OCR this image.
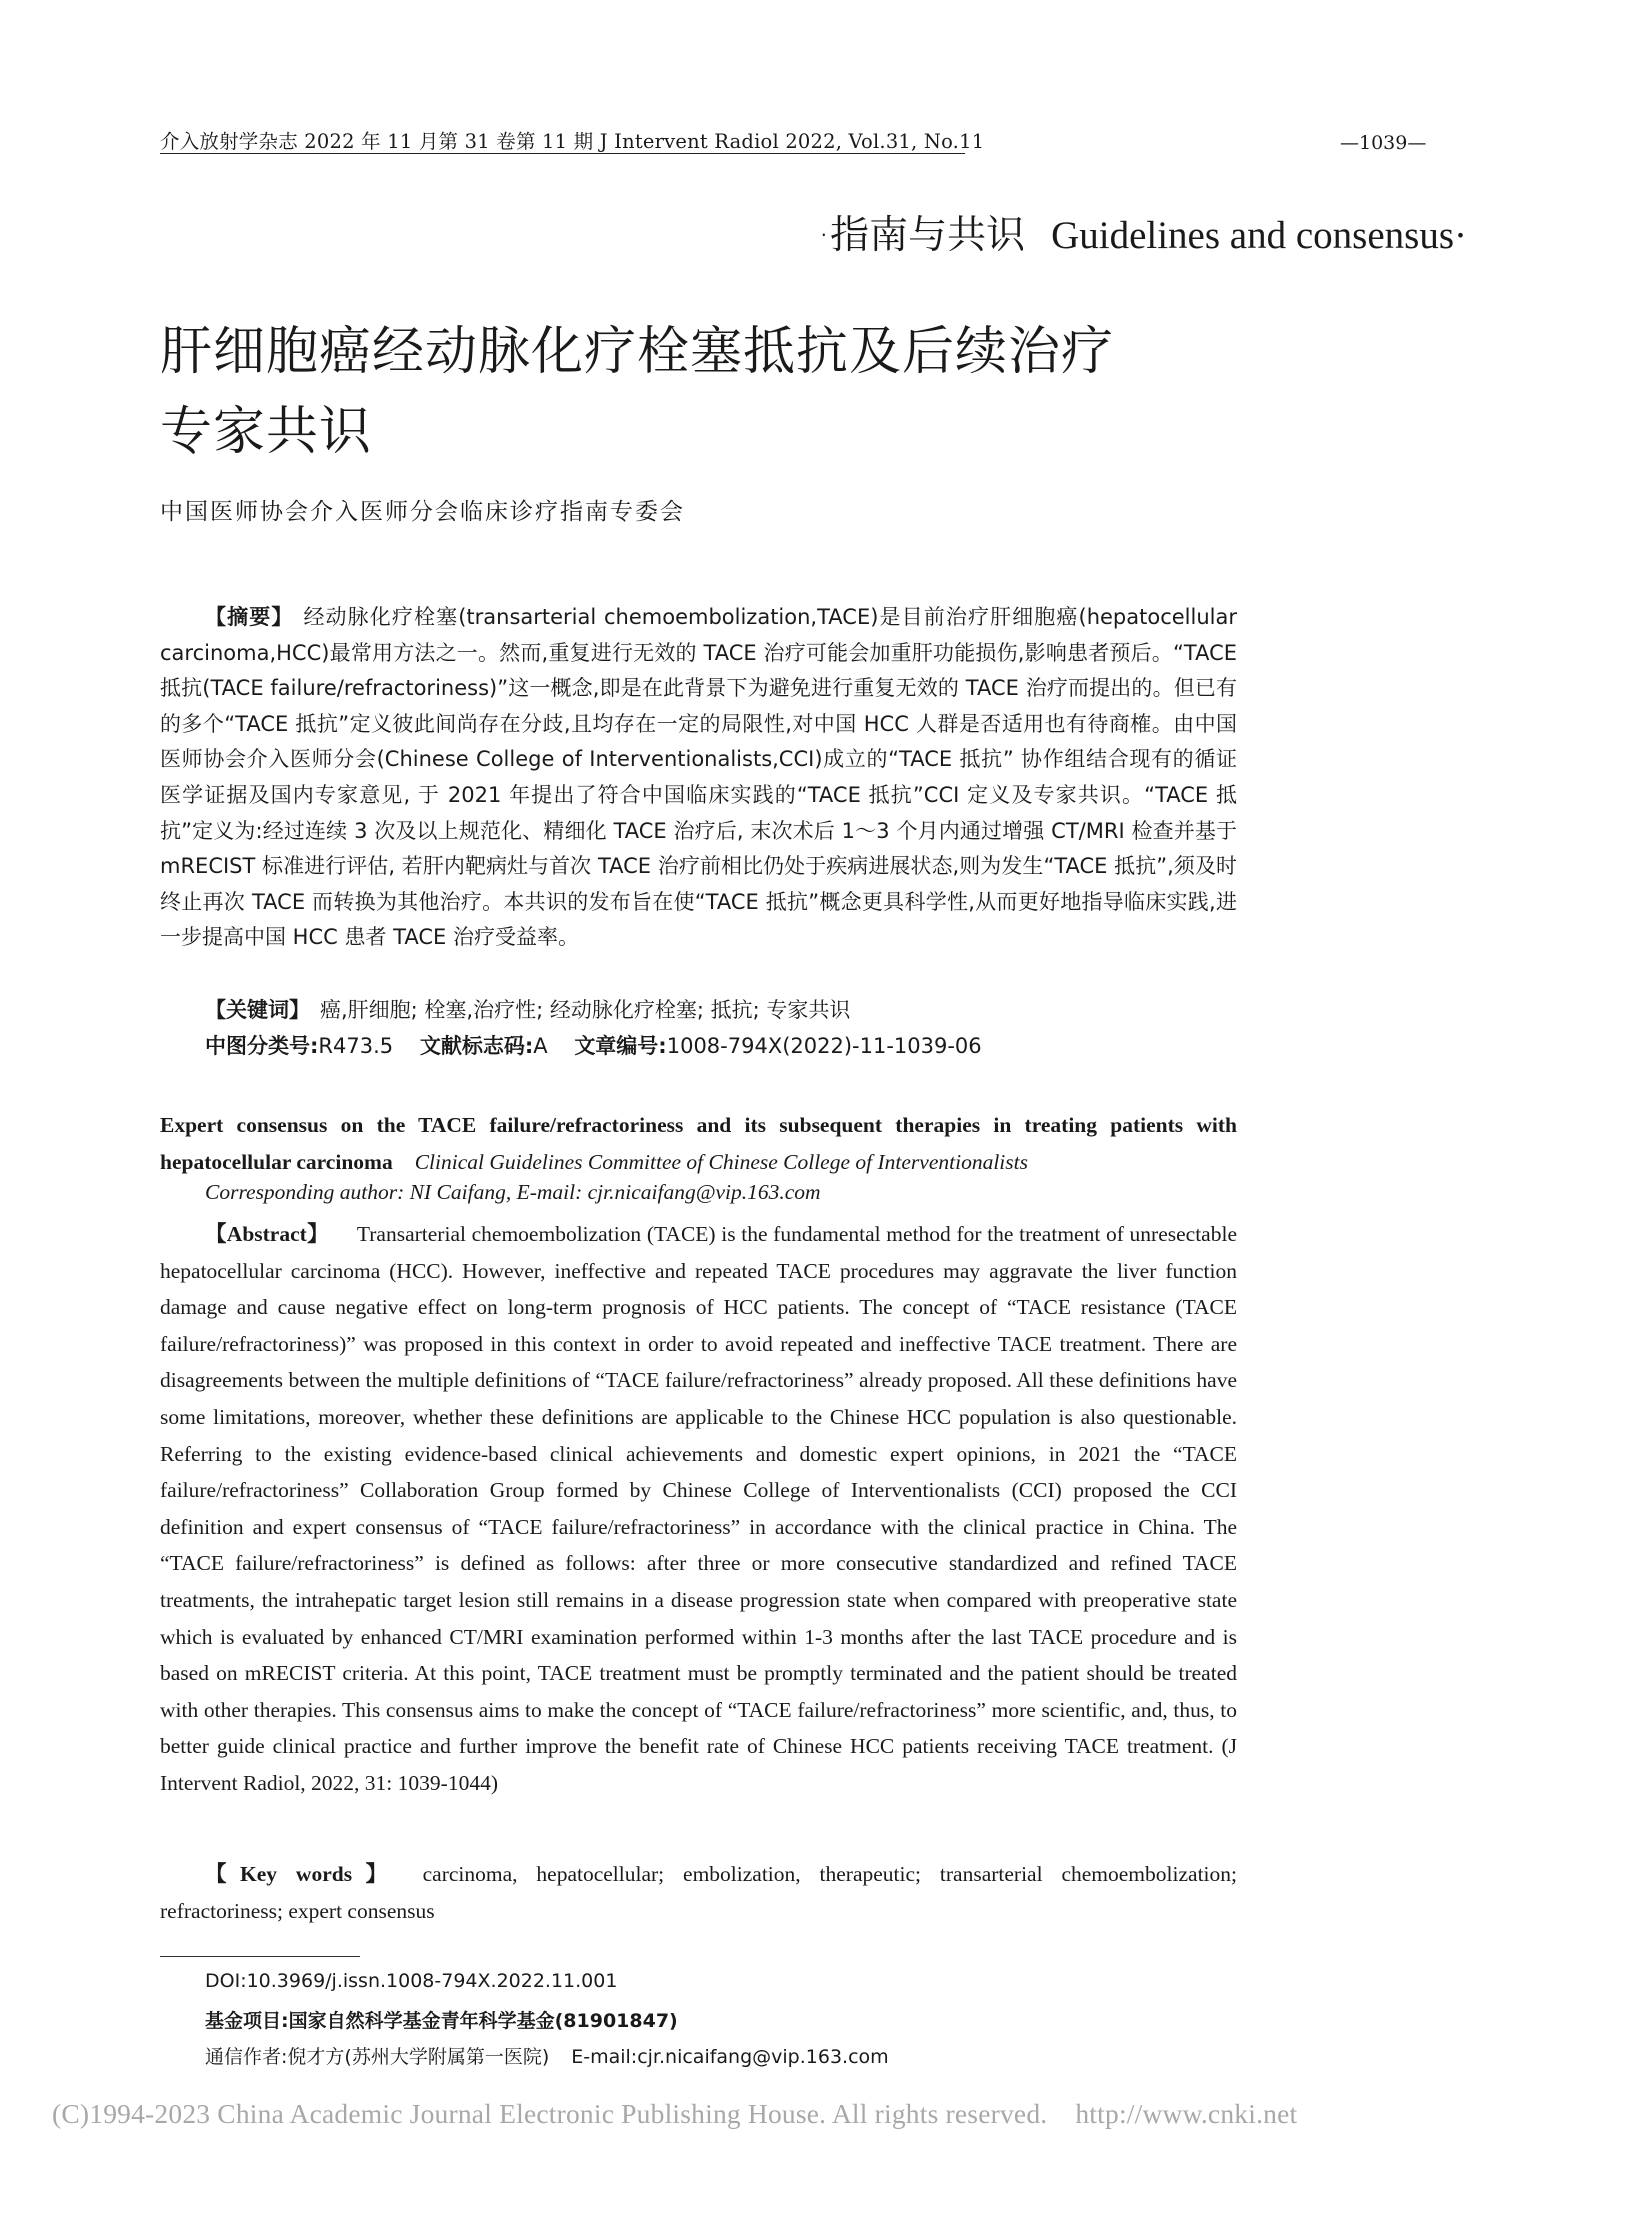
介入放射学杂志 2022 年 11 月第 31 卷第 11 期 J Intervent Radiol 2022, Vol.31, No.11	—1039—
·指南与共识 Guidelines and consensus·
肝细胞癌经动脉化疗栓塞抵抗及后续治疗
专家共识
中国医师协会介入医师分会临床诊疗指南专委会

【摘要】 经动脉化疗栓塞(transarterial chemoembolization,TACE)是目前治疗肝细胞癌(hepatocellular carcinoma,HCC)最常用方法之一。然而,重复进行无效的 TACE 治疗可能会加重肝功能损伤,影响患者预后。“TACE 抵抗(TACE failure/refractoriness)”这一概念,即是在此背景下为避免进行重复无效的 TACE 治疗而提出的。但已有的多个“TACE 抵抗”定义彼此间尚存在分歧,且均存在一定的局限性,对中国 HCC 人群是否适用也有待商榷。由中国医师协会介入医师分会(Chinese College of Interventionalists,CCI)成立的“TACE 抵抗” 协作组结合现有的循证医学证据及国内专家意见, 于 2021 年提出了符合中国临床实践的“TACE 抵抗”CCI 定义及专家共识。“TACE 抵抗”定义为:经过连续 3 次及以上规范化、精细化 TACE 治疗后, 末次术后 1～3 个月内通过增强 CT/MRI 检查并基于 mRECIST 标准进行评估, 若肝内靶病灶与首次 TACE 治疗前相比仍处于疾病进展状态,则为发生“TACE 抵抗”,须及时终止再次 TACE 而转换为其他治疗。本共识的发布旨在使“TACE 抵抗”概念更具科学性,从而更好地指导临床实践,进一步提高中国 HCC 患者 TACE 治疗受益率。

【关键词】 癌,肝细胞; 栓塞,治疗性; 经动脉化疗栓塞; 抵抗; 专家共识

中图分类号:R473.5 文献标志码:A 文章编号:1008-794X(2022)-11-1039-06

Expert consensus on the TACE failure/refractoriness and its subsequent therapies in treating patients with hepatocellular carcinoma Clinical Guidelines Committee of Chinese College of Interventionalists

Corresponding author: NI Caifang, E-mail: cjr.nicaifang@vip.163.com

【Abstract】 Transarterial chemoembolization (TACE) is the fundamental method for the treatment of unresectable hepatocellular carcinoma (HCC). However, ineffective and repeated TACE procedures may aggravate the liver function damage and cause negative effect on long-term prognosis of HCC patients. The concept of “TACE resistance (TACE failure/refractoriness)” was proposed in this context in order to avoid repeated and ineffective TACE treatment. There are disagreements between the multiple definitions of “TACE failure/refractoriness” already proposed. All these definitions have some limitations, moreover, whether these definitions are applicable to the Chinese HCC population is also questionable. Referring to the existing evidence-based clinical achievements and domestic expert opinions, in 2021 the “TACE failure/refractoriness” Collaboration Group formed by Chinese College of Interventionalists (CCI) proposed the CCI definition and expert consensus of “TACE failure/refractoriness” in accordance with the clinical practice in China. The “TACE failure/refractoriness” is defined as follows: after three or more consecutive standardized and refined TACE treatments, the intrahepatic target lesion still remains in a disease progression state when compared with preoperative state which is evaluated by enhanced CT/MRI examination performed within 1-3 months after the last TACE procedure and is based on mRECIST criteria. At this point, TACE treatment must be promptly terminated and the patient should be treated with other therapies. This consensus aims to make the concept of “TACE failure/refractoriness” more scientific, and, thus, to better guide clinical practice and further improve the benefit rate of Chinese HCC patients receiving TACE treatment. (J Intervent Radiol, 2022, 31: 1039-1044)

【Key words】 carcinoma, hepatocellular; embolization, therapeutic; transarterial chemoembolization; refractoriness; expert consensus

DOI:10.3969/j.issn.1008-794X.2022.11.001
基金项目:国家自然科学基金青年科学基金(81901847)
通信作者:倪才方(苏州大学附属第一医院) E-mail:cjr.nicaifang@vip.163.com
(C)1994-2023 China Academic Journal Electronic Publishing House. All rights reserved. http://www.cnki.net
